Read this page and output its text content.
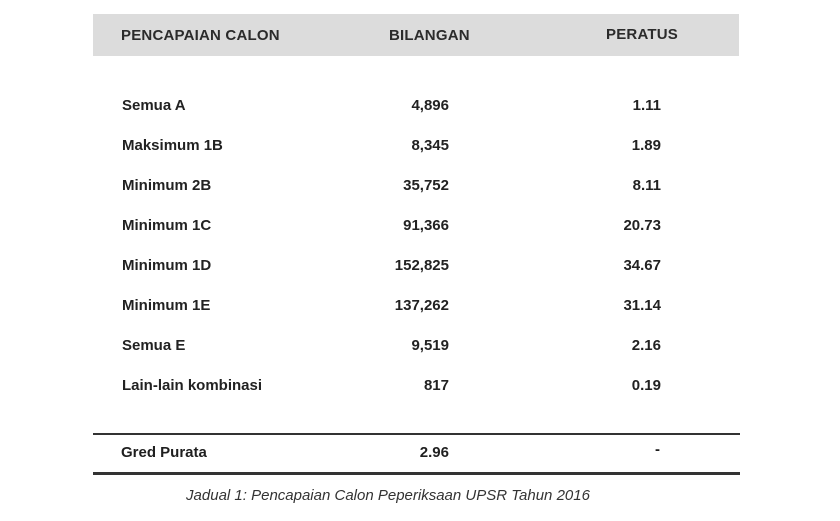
PENCAPAIAN CALON	BILANGAN	PERATUS
Semua A	4,896	1.11
Maksimum 1B	8,345	1.89
Minimum 2B	35,752	8.11
Minimum 1C	91,366	20.73
Minimum 1D	152,825	34.67
Minimum 1E	137,262	31.14
Semua E	9,519	2.16
Lain-lain kombinasi	817	0.19
Gred Purata	2.96	-
Jadual 1: Pencapaian Calon Peperiksaan UPSR Tahun 2016
